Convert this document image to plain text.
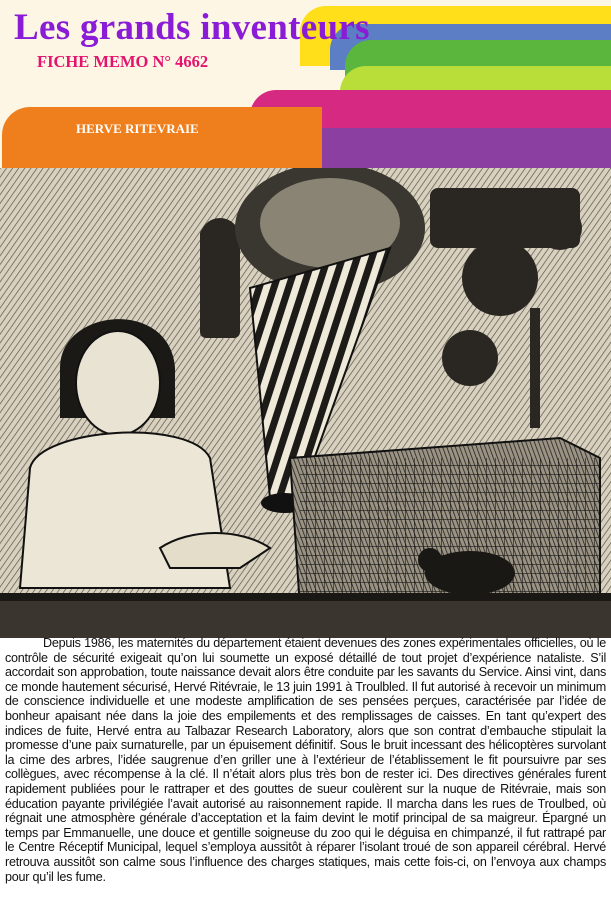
Les grands inventeurs
FICHE MEMO N° 4662
HERVE RITEVRAIE

Depuis 1986, les maternités du département étaient devenues des zones expérimentales officielles, où le contrôle de sécurité exigeait qu’on lui soumette un exposé détaillé de tout projet d’expérience nataliste. S’il accordait son approbation, toute naissance devait alors être conduite par les savants du Service. Ainsi vint, dans ce monde hautement sécurisé, Hervé Ritévraie, le 13 juin 1991 à Troulbled. Il fut autorisé à recevoir un minimum de conscience individuelle et une modeste amplification de ses pensées perçues, caractérisée par l’idée de bonheur apaisant née dans la joie des empilements et des remplissages de caisses. En tant qu’expert des indices de fuite, Hervé entra au Talbazar Research Laboratory, alors que son contrat d’embauche stipulait la promesse d’une paix surnaturelle, par un épuisement définitif. Sous le bruit incessant des hélicoptères survolant la cime des arbres, l’idée saugrenue d’en griller une à l’extérieur de l’établissement le fit poursuivre par ses collègues, avec récompense à la clé. Il n’était alors plus très bon de rester ici. Des directives générales furent rapidement publiées pour le rattraper et des gouttes de sueur coulèrent sur la nuque de Ritévraie, mais son éducation payante privilégiée l’avait autorisé au raisonnement rapide. Il marcha dans les rues de Troulbed, où régnait une atmosphère générale d’acceptation et la faim devint le motif principal de sa maigreur. Épargné un temps par Emmanuelle, une douce et gentille soigneuse du zoo qui le déguisa en chimpanzé, il fut rattrapé par le Centre Réceptif Municipal, lequel s’employa aussitôt à réparer l’isolant troué de son appareil cérébral. Hervé retrouva aussitôt son calme sous l’influence des charges statiques, mais cette fois-ci, on l’envoya aux champs pour qu’il les fume.
